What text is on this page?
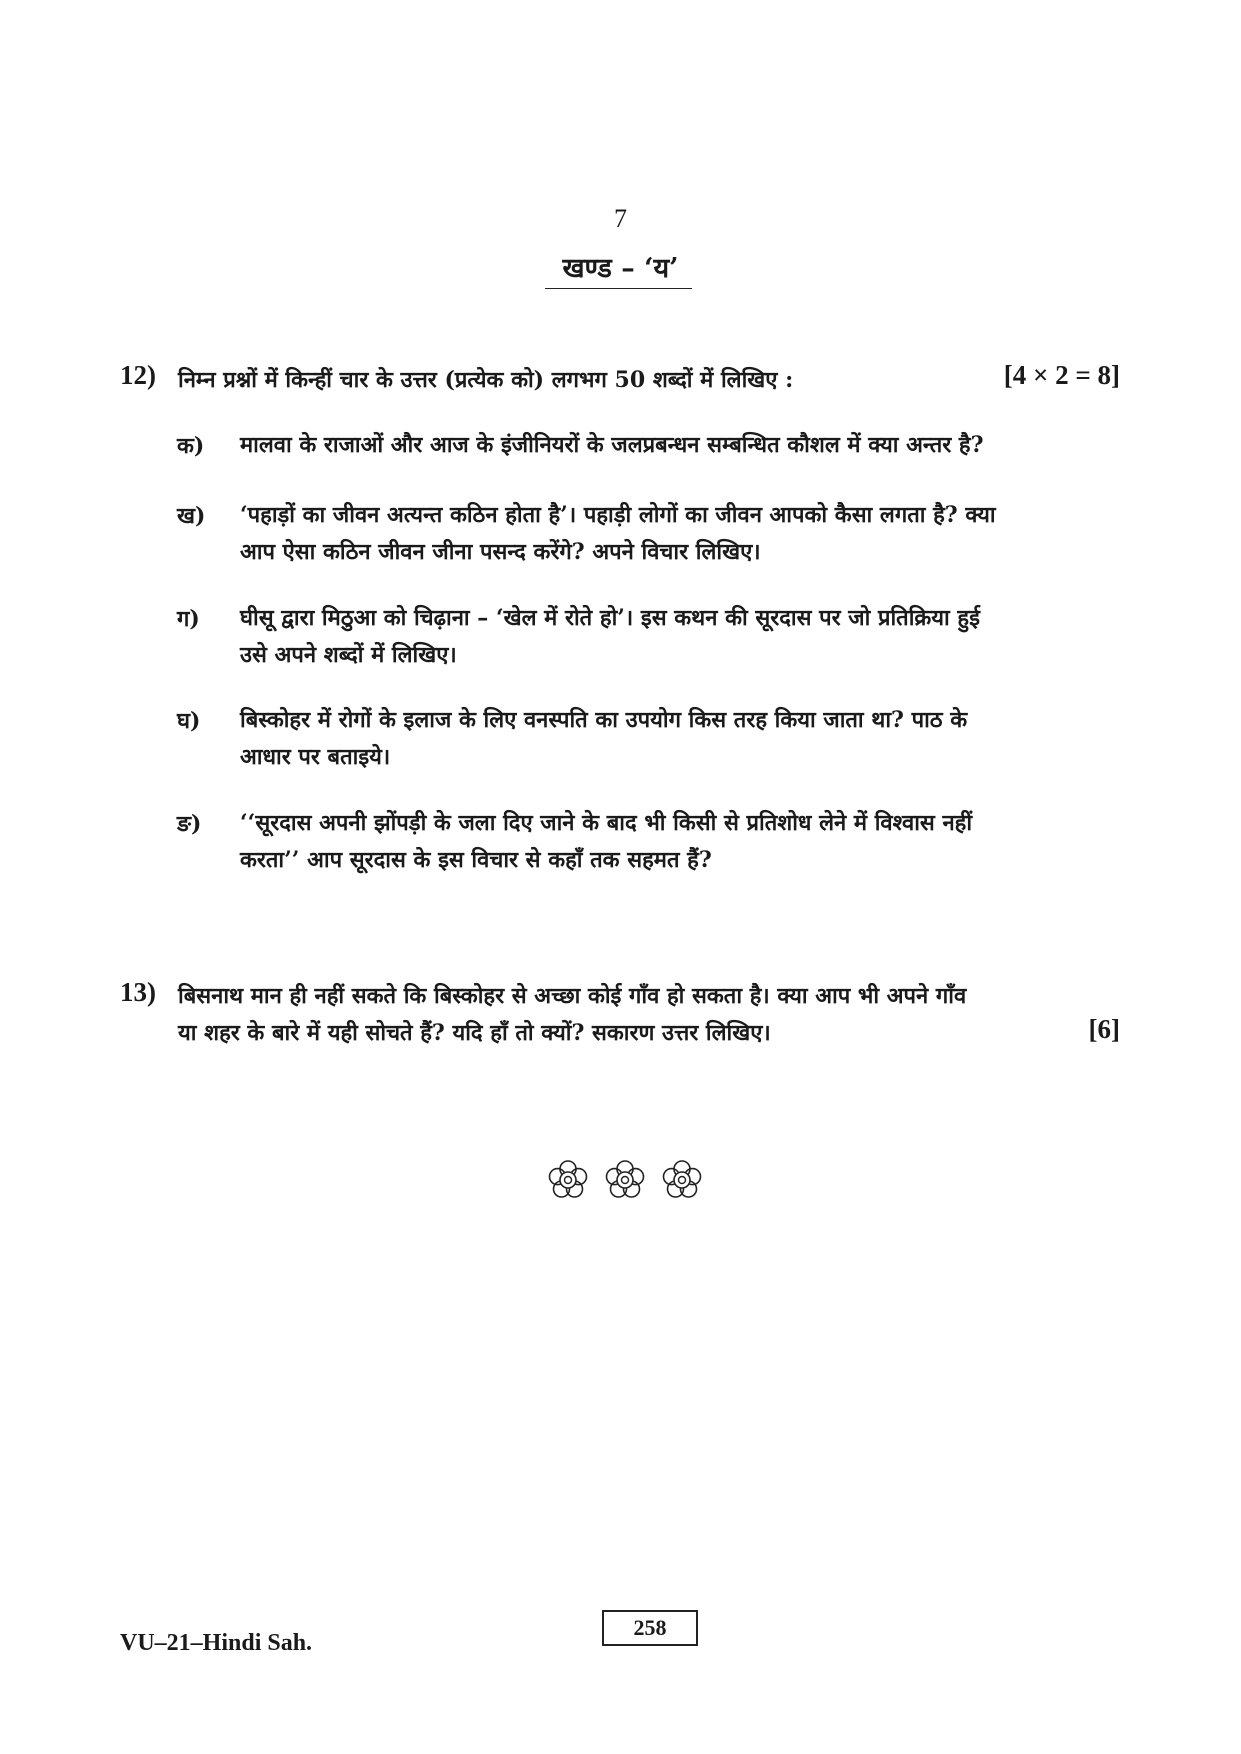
7
खण्ड – ‘य’
12) निम्न प्रश्नों में किन्हीं चार के उत्तर (प्रत्येक को) लगभग 50 शब्दों में लिखिए :	[4 × 2 = 8]
क) मालवा के राजाओं और आज के इंजीनियरों के जलप्रबन्धन सम्बन्धित कौशल में क्या अन्तर है?
ख) ‘पहाड़ों का जीवन अत्यन्त कठिन होता है’। पहाड़ी लोगों का जीवन आपको कैसा लगता है? क्या
आप ऐसा कठिन जीवन जीना पसन्द करेंगे? अपने विचार लिखिए।
ग) घीसू द्वारा मिठुआ को चिढ़ाना – ‘खेल में रोते हो’। इस कथन की सूरदास पर जो प्रतिक्रिया हुई
उसे अपने शब्दों में लिखिए।
घ) बिस्कोहर में रोगों के इलाज के लिए वनस्पति का उपयोग किस तरह किया जाता था? पाठ के
आधार पर बताइये।
ङ) ‘‘सूरदास अपनी झोंपड़ी के जला दिए जाने के बाद भी किसी से प्रतिशोध लेने में विश्वास नहीं
करता’’ आप सूरदास के इस विचार से कहाँ तक सहमत हैं?
13) बिसनाथ मान ही नहीं सकते कि बिस्कोहर से अच्छा कोई गाँव हो सकता है। क्या आप भी अपने गाँव
या शहर के बारे में यही सोचते हैं? यदि हाँ तो क्यों? सकारण उत्तर लिखिए।	[6]
VU–21–Hindi Sah.
258
